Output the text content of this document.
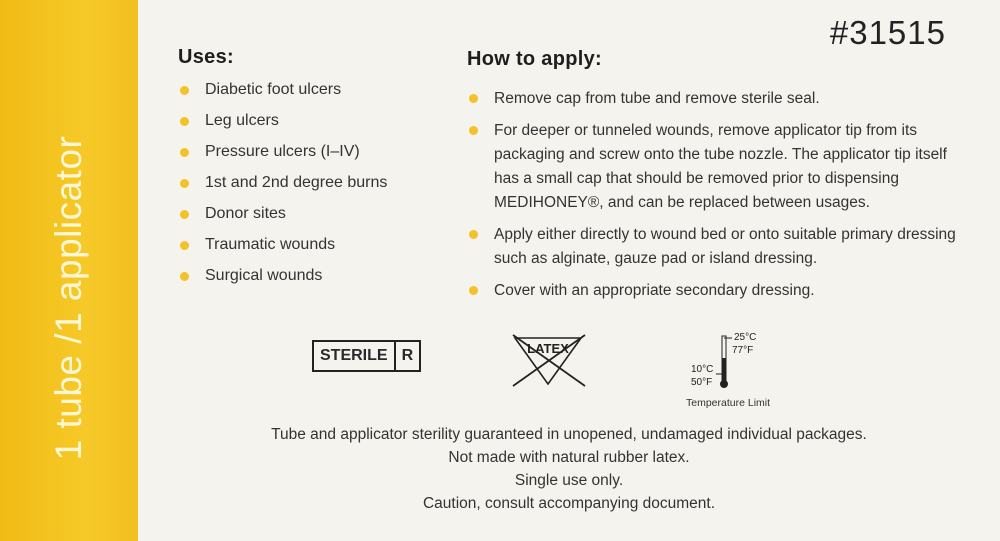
1 tube /1 applicator
#31515
Uses:
Diabetic foot ulcers
Leg ulcers
Pressure ulcers (I–IV)
1st and 2nd degree burns
Donor sites
Traumatic wounds
Surgical wounds
How to apply:
Remove cap from tube and remove sterile seal.
For deeper or tunneled wounds, remove applicator tip from its packaging and screw onto the tube nozzle. The applicator tip itself has a small cap that should be removed prior to dispensing MEDIHONEY®, and can be replaced between usages.
Apply either directly to wound bed or onto suitable primary dressing such as alginate, gauze pad or island dressing.
Cover with an appropriate secondary dressing.
STERILE R	LATEX
25°C
77°F
10°C
50°F
Temperature Limit
Tube and applicator sterility guaranteed in unopened, undamaged individual packages.
Not made with natural rubber latex.
Single use only.
Caution, consult accompanying document.
